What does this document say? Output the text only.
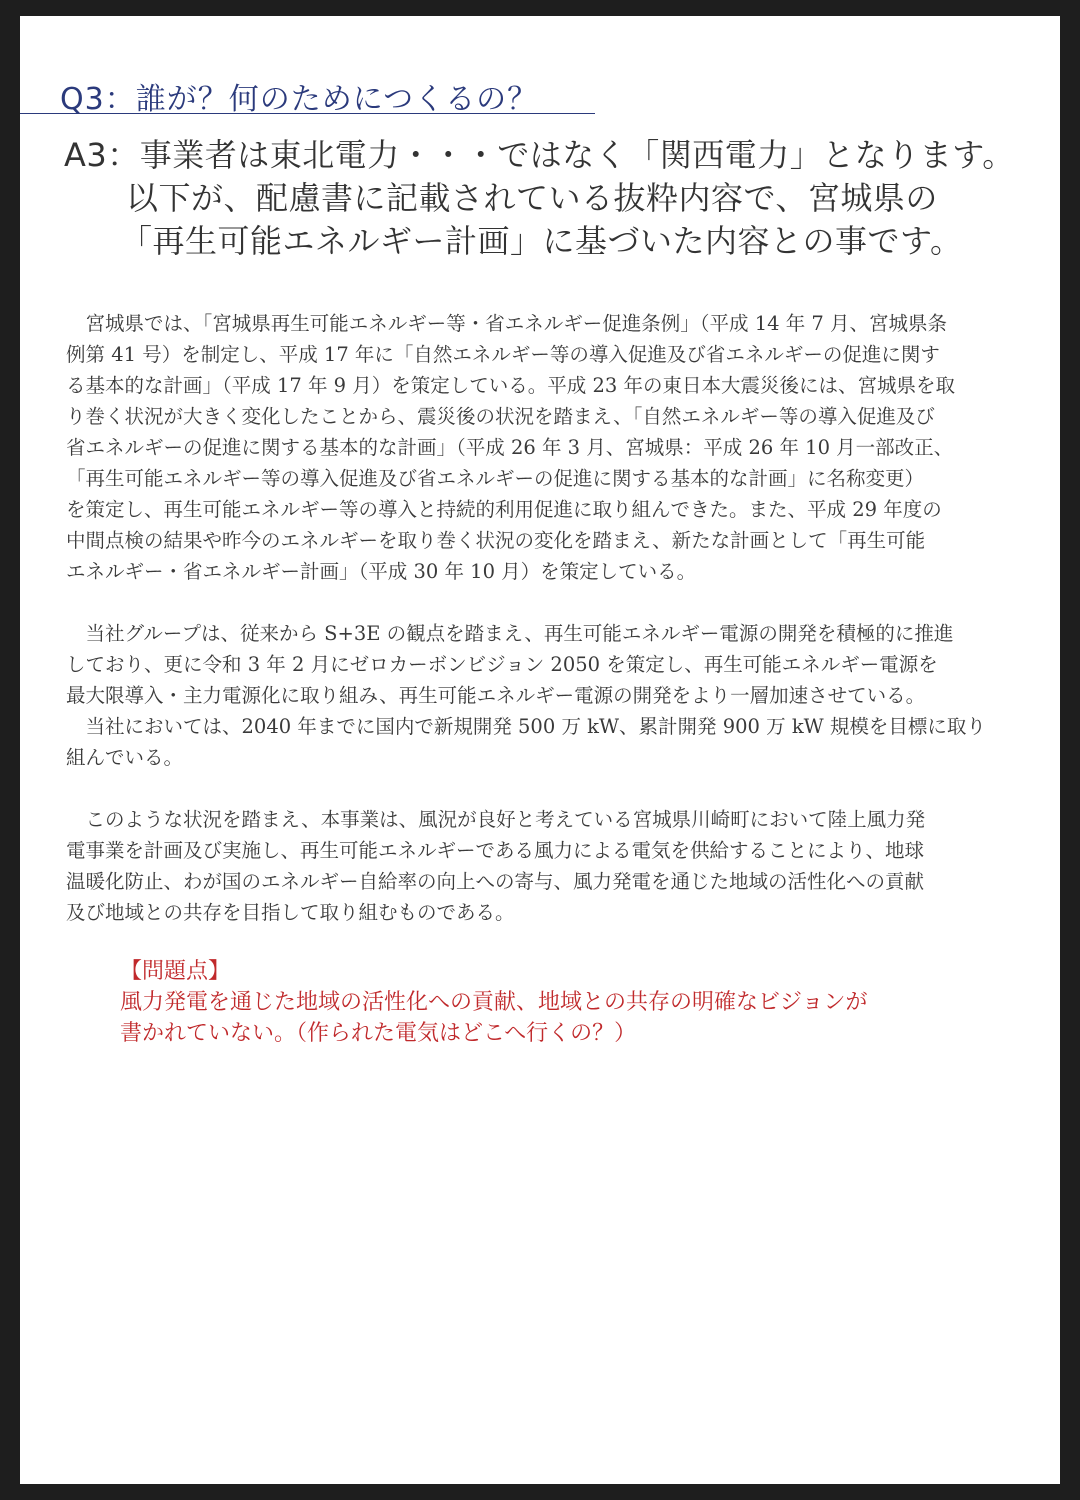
Q3：誰が？何のためにつくるの？
A3：事業者は東北電力・・・ではなく「関西電力」となります。
以下が、配慮書に記載されている抜粋内容で、宮城県の
「再生可能エネルギー計画」に基づいた内容との事です。
　宮城県では、「宮城県再生可能エネルギー等・省エネルギー促進条例」（平成 14 年 7 月、宮城県条
例第 41 号）を制定し、平成 17 年に「自然エネルギー等の導入促進及び省エネルギーの促進に関す
る基本的な計画」（平成 17 年 9 月）を策定している。平成 23 年の東日本大震災後には、宮城県を取
り巻く状況が大きく変化したことから、震災後の状況を踏まえ、「自然エネルギー等の導入促進及び
省エネルギーの促進に関する基本的な計画」（平成 26 年 3 月、宮城県：平成 26 年 10 月一部改正、
「再生可能エネルギー等の導入促進及び省エネルギーの促進に関する基本的な計画」に名称変更）
を策定し、再生可能エネルギー等の導入と持続的利用促進に取り組んできた。また、平成 29 年度の
中間点検の結果や昨今のエネルギーを取り巻く状況の変化を踏まえ、新たな計画として「再生可能
エネルギー・省エネルギー計画」（平成 30 年 10 月）を策定している。
　当社グループは、従来から S+3E の観点を踏まえ、再生可能エネルギー電源の開発を積極的に推進
しており、更に令和 3 年 2 月にゼロカーボンビジョン 2050 を策定し、再生可能エネルギー電源を
最大限導入・主力電源化に取り組み、再生可能エネルギー電源の開発をより一層加速させている。
　当社においては、2040 年までに国内で新規開発 500 万 kW、累計開発 900 万 kW 規模を目標に取り
組んでいる。
　このような状況を踏まえ、本事業は、風況が良好と考えている宮城県川崎町において陸上風力発
電事業を計画及び実施し、再生可能エネルギーである風力による電気を供給することにより、地球
温暖化防止、わが国のエネルギー自給率の向上への寄与、風力発電を通じた地域の活性化への貢献
及び地域との共存を目指して取り組むものである。
【問題点】
風力発電を通じた地域の活性化への貢献、地域との共存の明確なビジョンが
書かれていない。（作られた電気はどこへ行くの？）
